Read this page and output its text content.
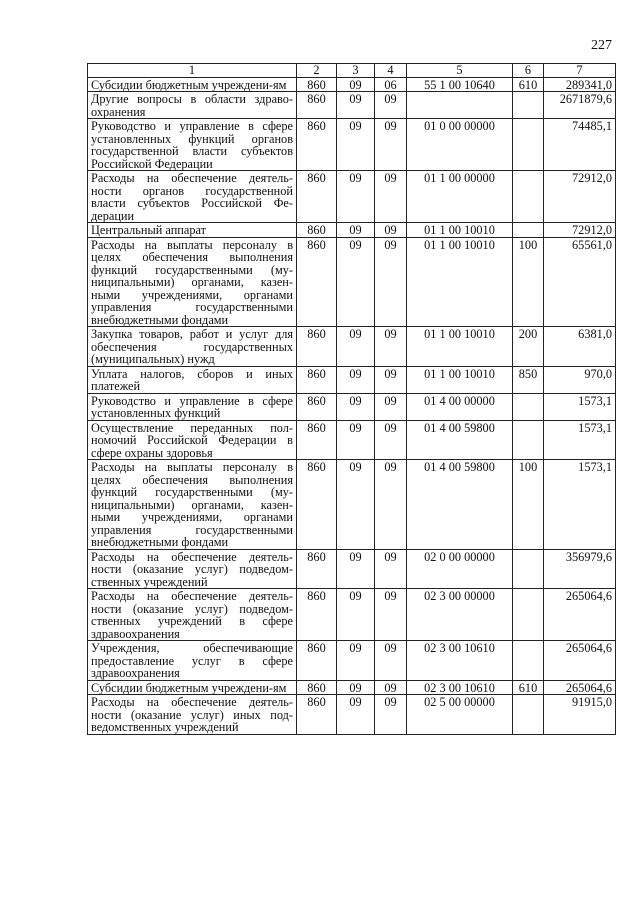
227
1	2	3	4	5	6	7
Субсидии бюджетным учреждени-ям	860	09	06	55 1 00 10640	610	289341,0
Другие вопросы в области здраво-охранения	860	09	09			2671879,6
Руководство и управление в сфере установленных функций органов государственной власти субъектов Российской Федерации	860	09	09	01 0 00 00000		74485,1
Расходы на обеспечение деятель-ности органов государственной власти субъектов Российской Фе-дерации	860	09	09	01 1 00 00000		72912,0
Центральный аппарат	860	09	09	01 1 00 10010		72912,0
Расходы на выплаты персоналу в целях обеспечения выполнения функций государственными (му-ниципальными) органами, казен-ными учреждениями, органами управления государственными внебюджетными фондами	860	09	09	01 1 00 10010	100	65561,0
Закупка товаров, работ и услуг для обеспечения государственных (муниципальных) нужд	860	09	09	01 1 00 10010	200	6381,0
Уплата налогов, сборов и иных платежей	860	09	09	01 1 00 10010	850	970,0
Руководство и управление в сфере установленных функций	860	09	09	01 4 00 00000		1573,1
Осуществление переданных пол-номочий Российской Федерации в сфере охраны здоровья	860	09	09	01 4 00 59800		1573,1
Расходы на выплаты персоналу в целях обеспечения выполнения функций государственными (му-ниципальными) органами, казен-ными учреждениями, органами управления государственными внебюджетными фондами	860	09	09	01 4 00 59800	100	1573,1
Расходы на обеспечение деятель-ности (оказание услуг) подведом-ственных учреждений	860	09	09	02 0 00 00000		356979,6
Расходы на обеспечение деятель-ности (оказание услуг) подведом-ственных учреждений в сфере здравоохранения	860	09	09	02 3 00 00000		265064,6
Учреждения, обеспечивающие предоставление услуг в сфере здравоохранения	860	09	09	02 3 00 10610		265064,6
Субсидии бюджетным учреждени-ям	860	09	09	02 3 00 10610	610	265064,6
Расходы на обеспечение деятель-ности (оказание услуг) иных под-ведомственных учреждений	860	09	09	02 5 00 00000		91915,0
